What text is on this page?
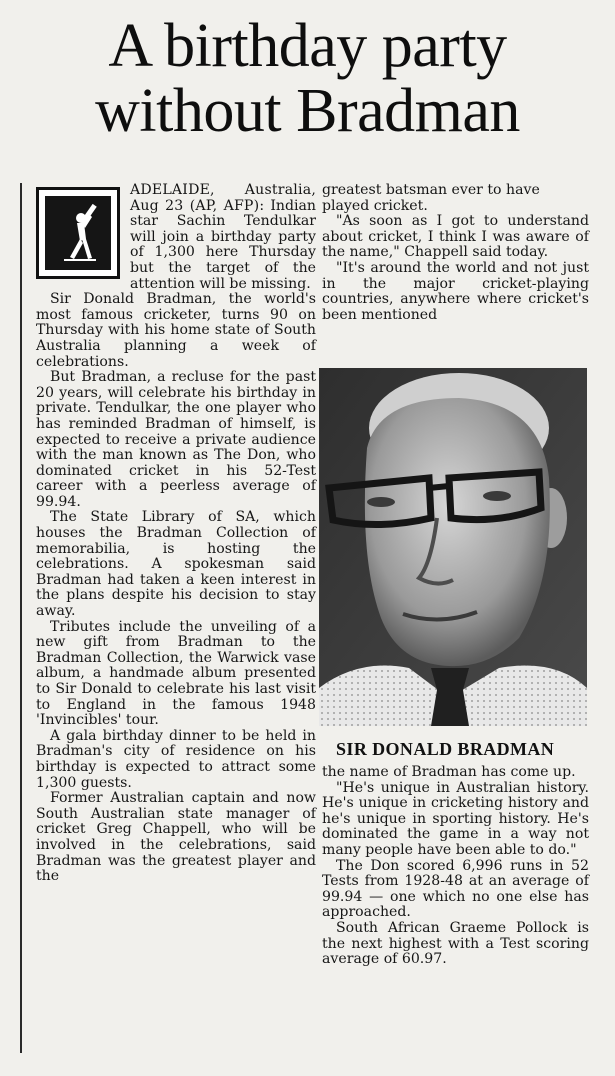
A birthday party
without Bradman

ADELAIDE, Australia, Aug 23 (AP, AFP): Indian star Sachin Tendulkar will join a birthday party of 1,300 here Thursday but the target of the attention will be missing.

Sir Donald Bradman, the world's most famous cricketer, turns 90 on Thursday with his home state of South Australia planning a week of celebrations.

But Bradman, a recluse for the past 20 years, will celebrate his birthday in private. Tendulkar, the one player who has reminded Bradman of himself, is expected to receive a private audience with the man known as The Don, who dominated cricket in his 52-Test career with a peerless average of 99.94.

The State Library of SA, which houses the Bradman Collection of memorabilia, is hosting the celebrations. A spokesman said Bradman had taken a keen interest in the plans despite his decision to stay away.

Tributes include the unveiling of a new gift from Bradman to the Bradman Collection, the Warwick vase album, a handmade album presented to Sir Donald to celebrate his last visit to England in the famous 1948 'Invincibles' tour.

A gala birthday dinner to be held in Bradman's city of residence on his birthday is expected to attract some 1,300 guests.

Former Australian captain and now South Australian state manager of cricket Greg Chappell, who will be involved in the celebrations, said Bradman was the greatest player and the

greatest batsman ever to have played cricket.

"As soon as I got to understand about cricket, I think I was aware of the name," Chappell said today.

"It's around the world and not just in the major cricket-playing countries, anywhere where cricket's been mentioned

SIR DONALD BRADMAN

the name of Bradman has come up.

"He's unique in Australian history. He's unique in cricketing history and he's unique in sporting history. He's dominated the game in a way not many people have been able to do."

The Don scored 6,996 runs in 52 Tests from 1928-48 at an average of 99.94 — one which no one else has approached.

South African Graeme Pollock is the next highest with a Test scoring average of 60.97.
